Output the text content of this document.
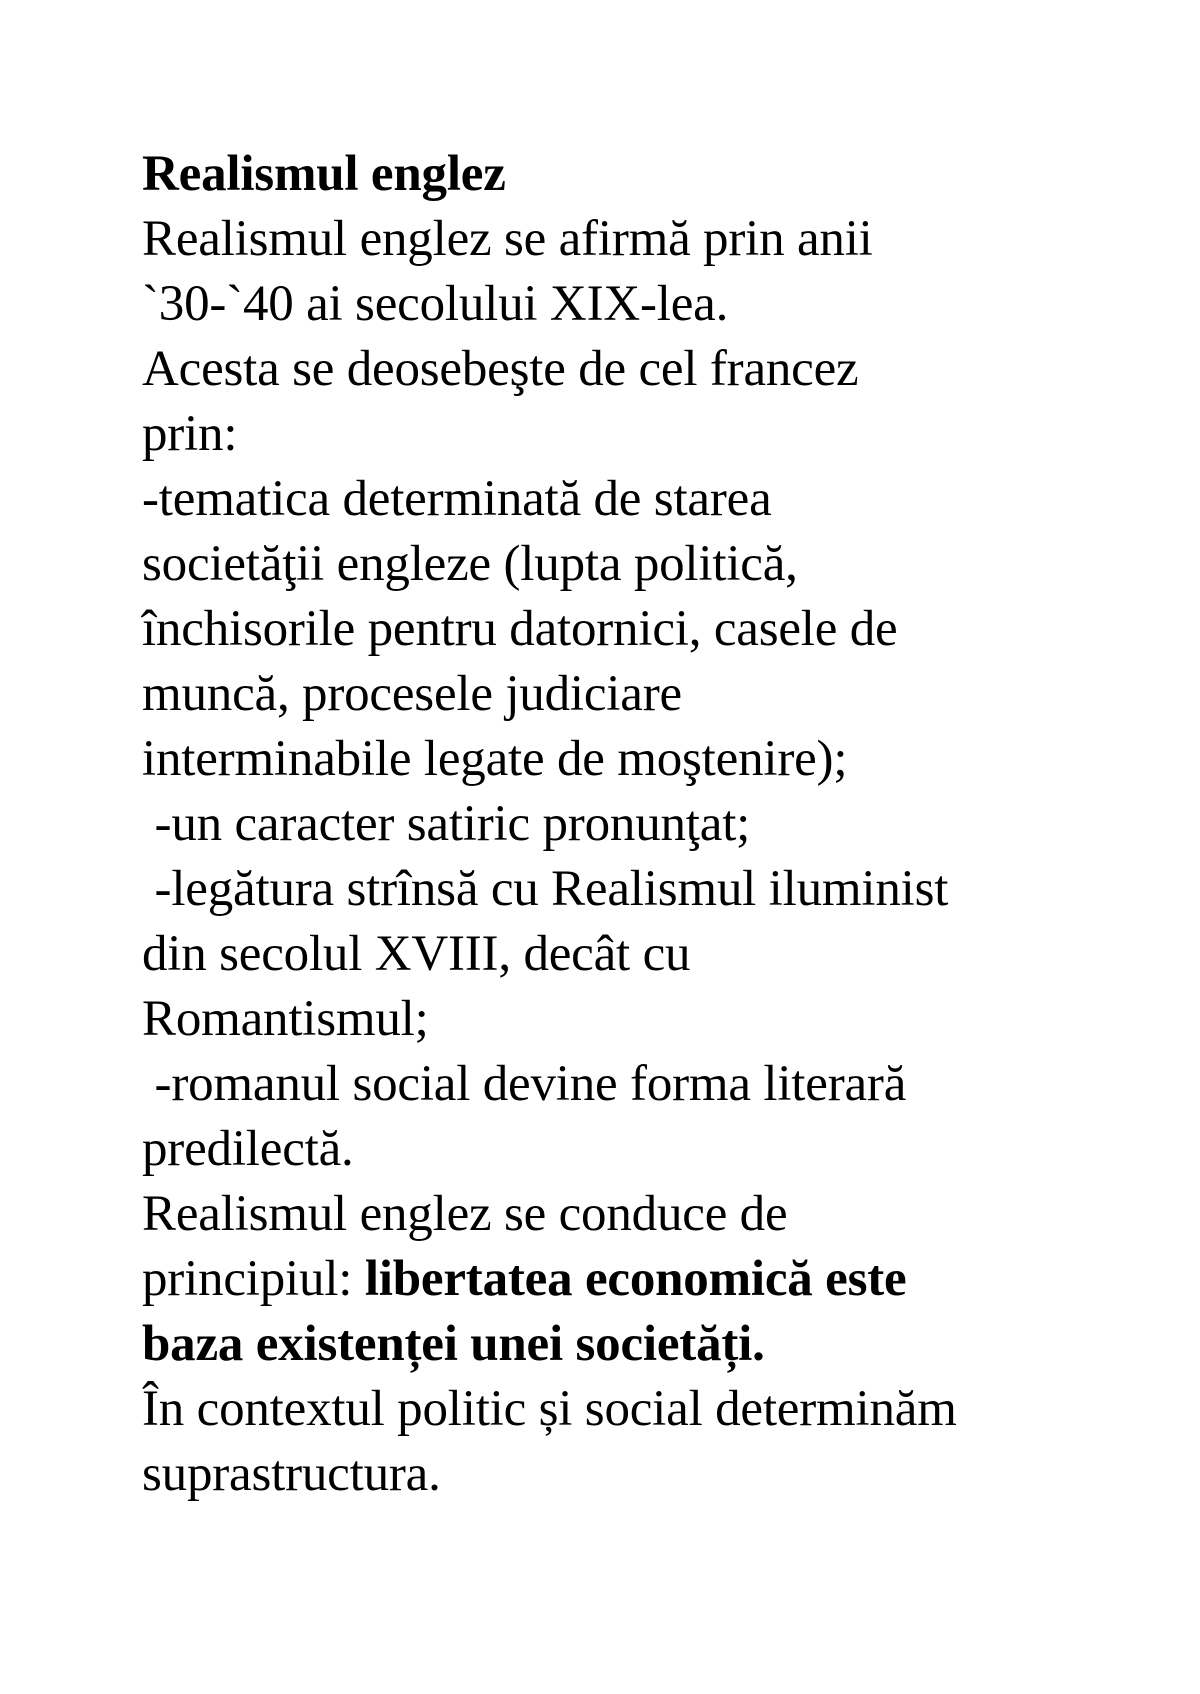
Realismul englez
Realismul englez se afirmă prin anii
`30-`40 ai secolului XIX-lea.
Acesta se deosebeşte de cel francez
prin:
-tematica determinată de starea
societăţii engleze (lupta politică,
închisorile pentru datornici, casele de
muncă, procesele judiciare
interminabile legate de moştenire);
-un caracter satiric pronunţat;
-legătura strînsă cu Realismul iluminist
din secolul XVIII, decât cu
Romantismul;
-romanul social devine forma literară
predilectă.
Realismul englez se conduce de
principiul: libertatea economică este
baza existenței unei societăți.
În contextul politic și social determinăm
suprastructura.
